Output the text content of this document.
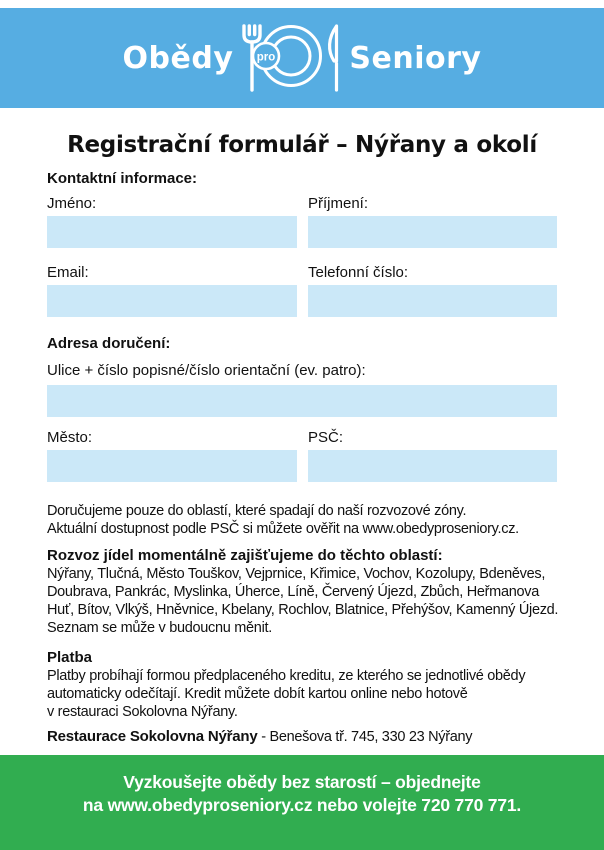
Obědy pro Seniory
Registrační formulář – Nýřany a okolí
Kontaktní informace:
Jméno:	Příjmení:
Email:	Telefonní číslo:
Adresa doručení:
Ulice + číslo popisné/číslo orientační (ev. patro):
Město:	PSČ:
Doručujeme pouze do oblastí, které spadají do naší rozvozové zóny.
Aktuální dostupnost podle PSČ si můžete ověřit na www.obedyproseniory.cz.
Rozvoz jídel momentálně zajišťujeme do těchto oblastí:
Nýřany, Tlučná, Město Touškov, Vejprnice, Křimice, Vochov, Kozolupy, Bdeněves,
Doubrava, Pankrác, Myslinka, Úherce, Líně, Červený Újezd, Zbůch, Heřmanova
Huť, Bítov, Vlkýš, Hněvnice, Kbelany, Rochlov, Blatnice, Přehýšov, Kamenný Újezd.
Seznam se může v budoucnu měnit.
Platba
Platby probíhají formou předplaceného kreditu, ze kterého se jednotlivé obědy
automaticky odečítají. Kredit můžete dobít kartou online nebo hotově
v restauraci Sokolovna Nýřany.
Restaurace Sokolovna Nýřany - Benešova tř. 745, 330 23 Nýřany
Vyzkoušejte obědy bez starostí – objednejte
na www.obedyproseniory.cz nebo volejte 720 770 771.
